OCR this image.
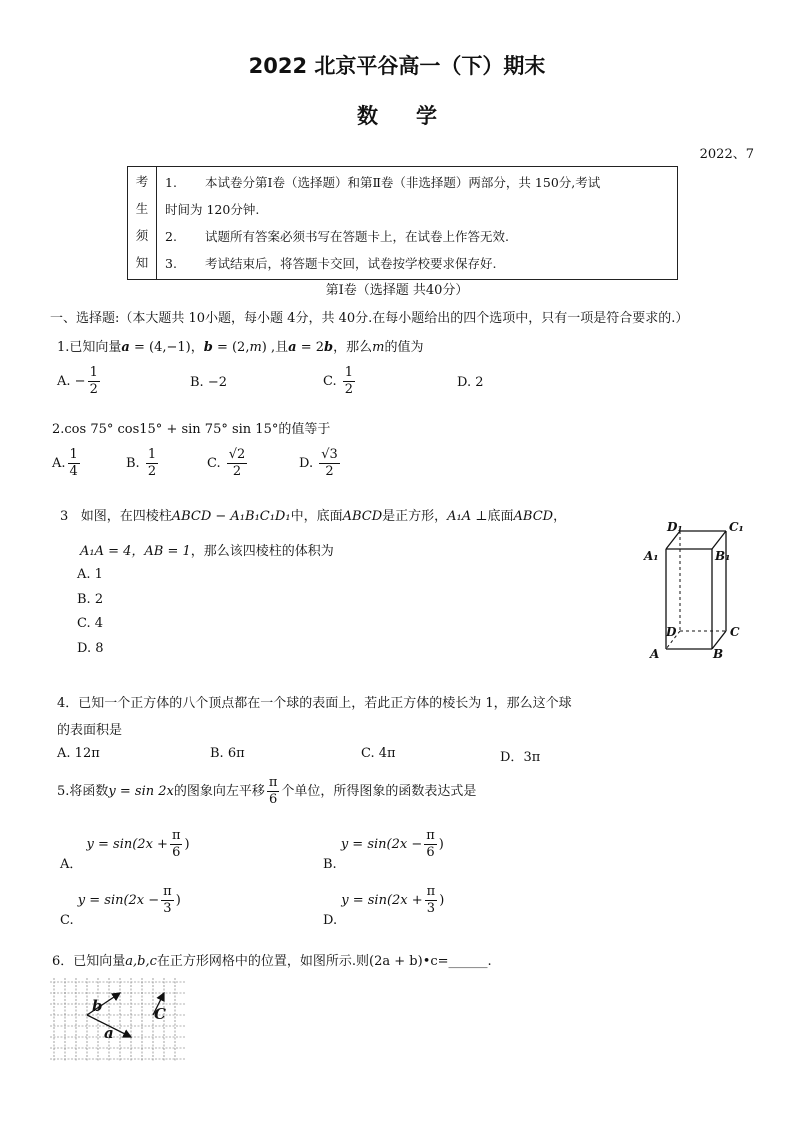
2022 北京平谷高一（下）期末
数学
2022、7
考
生
须
知

1.	本试卷分第Ⅰ卷（选择题）和第Ⅱ卷（非选择题）两部分，共 150分,考试
时间为 120分钟.
2.	试题所有答案必须书写在答题卡上，在试卷上作答无效.
3.	考试结束后，将答题卡交回，试卷按学校要求保存好.
第Ⅰ卷（选择题 共40分）
一、选择题:（本大题共 10小题，每小题 4分，共 40分.在每小题给出的四个选项中，只有一项是符合要求的.）
1.已知向量a = (4,−1)，b = (2,m) ,且a = 2b，那么m的值为
A. − $\frac{1}{2}$	B. −2	C. $\frac{1}{2}$	D. 2
2.cos 75° cos15° + sin 75° sin 15°的值等于
A. $\frac{1}{4}$	B. $\frac{1}{2}$	C. $\frac{√2}{2}$	D. $\frac{√3}{2}$
3 如图，在四棱柱ABCD − A₁B₁C₁D₁中，底面ABCD是正方形，A₁A ⊥底面ABCD，
A₁A = 4，AB = 1，那么该四棱柱的体积为
A. 1
B. 2
C. 4
D. 8
D₁	C₁
A₁	B₁
D	C
A	B
4．已知一个正方体的八个顶点都在一个球的表面上，若此正方体的棱长为 1，那么这个球
的表面积是
A. 12π	B. 6π	C. 4π	D．3π
5.将函数y = sin 2x的图象向左平移 $\frac{\pi}{6}$ 个单位，所得图象的函数表达式是
A． $y = \sin(2x + \frac{\pi}{6}$ )
B. $y = \sin(2x - \frac{\pi}{6}$ )
C. $y = \sin(2x - \frac{\pi}{3}$ )
D. $y = \sin(2x + \frac{\pi}{3}$ )
6．已知向量a,b,c在正方形网格中的位置，如图所示.则(2a + b)•c=______.
b
a
C
